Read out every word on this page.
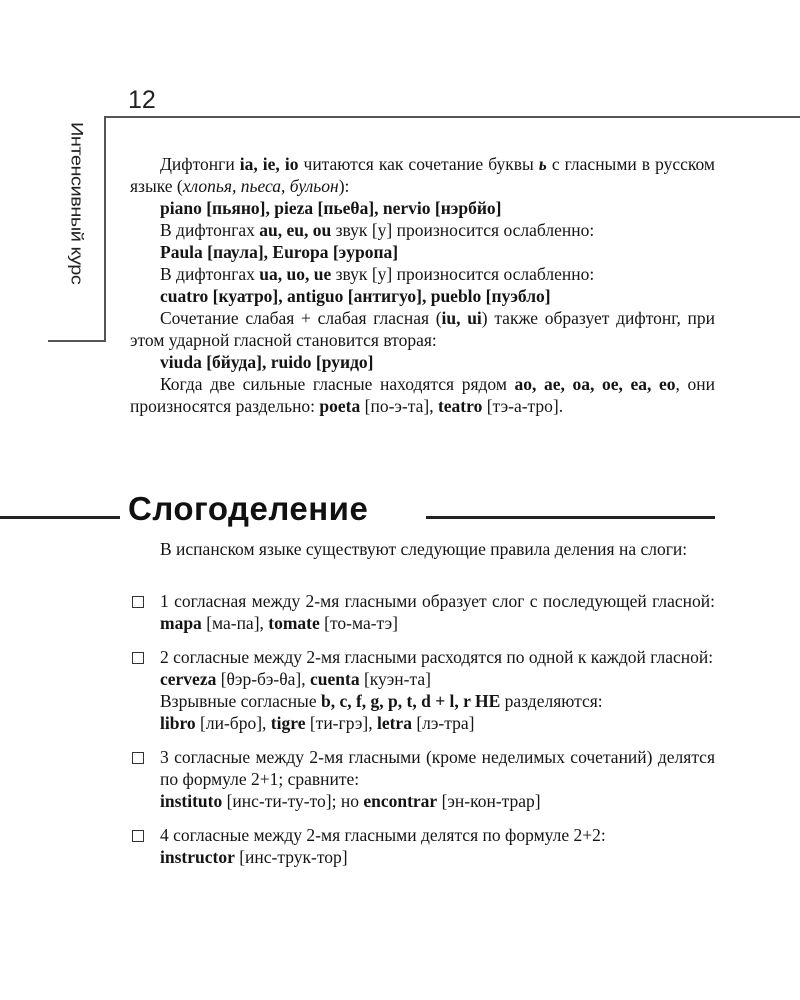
12
Интенсивный курс	Дифтонги ia, ie, io читаются как сочетание буквы ь с гласными в русском языке (хлопья, пьеса, бульон):

piano [пьяно], pieza [пьеθа], nervio [нэрбйо]

В дифтонгах au, eu, ou звук [у] произносится ослабленно:

Paula [паула], Europa [эуропа]

В дифтонгах ua, uo, ue звук [у] произносится ослабленно:

cuatro [куатро], antiguo [антигуо], pueblo [пуэбло]

Сочетание слабая + слабая гласная (iu, ui) также образует дифтонг, при этом ударной гласной становится вторая:

viuda [бйуда], ruido [руидо]

Когда две сильные гласные находятся рядом ao, ae, oa, oe, ea, eo, они произносятся раздельно: poeta [по-э-та], teatro [тэ-а-тро].

Слогоделение

В испанском языке существуют следующие правила деления на слоги:

1 согласная между 2-мя гласными образует слог с последующей гласной: mapa [ма-па], tomate [то-ма-тэ]

2 согласные между 2-мя гласными расходятся по одной к каждой гласной:

cerveza [θэр-бэ-θа], cuenta [куэн-та]

Взрывные согласные b, c, f, g, p, t, d + l, r НЕ разделяются:

libro [ли-бро], tigre [ти-грэ], letra [лэ-тра]

3 согласные между 2-мя гласными (кроме неделимых сочетаний) делятся по формуле 2+1; сравните:

instituto [инс-ти-ту-то]; но encontrar [эн-кон-трар]

4 согласные между 2-мя гласными делятся по формуле 2+2:

instructor [инс-трук-тор]
